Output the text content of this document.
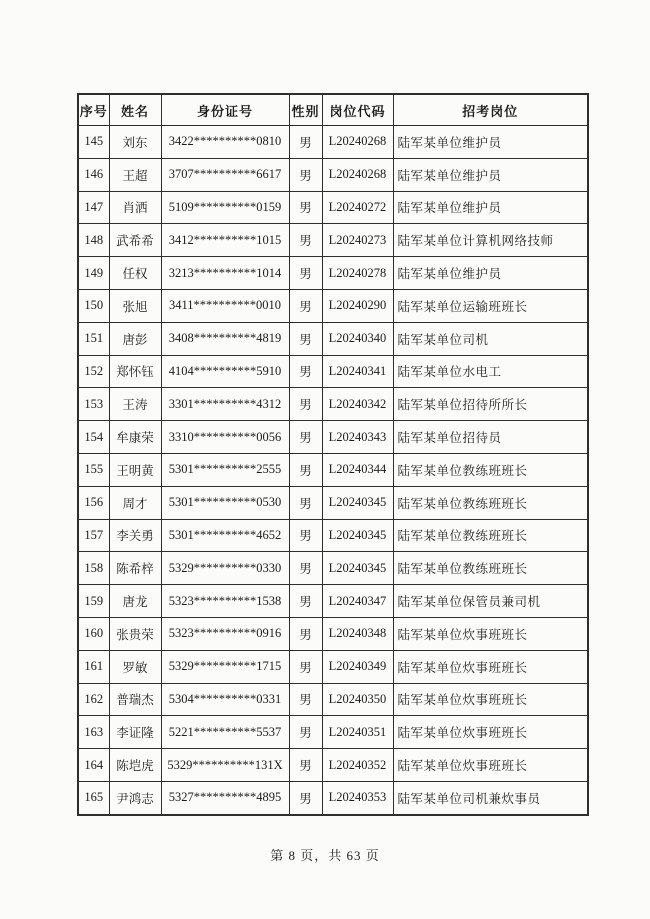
序号	姓名	身份证号	性别	岗位代码	招考岗位
145	刘东	3422**********0810	男	L20240268	陆军某单位维护员
146	王超	3707**********6617	男	L20240268	陆军某单位维护员
147	肖洒	5109**********0159	男	L20240272	陆军某单位维护员
148	武希希	3412**********1015	男	L20240273	陆军某单位计算机网络技师
149	任权	3213**********1014	男	L20240278	陆军某单位维护员
150	张旭	3411**********0010	男	L20240290	陆军某单位运输班班长
151	唐彭	3408**********4819	男	L20240340	陆军某单位司机
152	郑怀钰	4104**********5910	男	L20240341	陆军某单位水电工
153	王涛	3301**********4312	男	L20240342	陆军某单位招待所所长
154	牟康荣	3310**********0056	男	L20240343	陆军某单位招待员
155	王明黄	5301**********2555	男	L20240344	陆军某单位教练班班长
156	周才	5301**********0530	男	L20240345	陆军某单位教练班班长
157	李关勇	5301**********4652	男	L20240345	陆军某单位教练班班长
158	陈希梓	5329**********0330	男	L20240345	陆军某单位教练班班长
159	唐龙	5323**********1538	男	L20240347	陆军某单位保管员兼司机
160	张贵荣	5323**********0916	男	L20240348	陆军某单位炊事班班长
161	罗敏	5329**********1715	男	L20240349	陆军某单位炊事班班长
162	普瑞杰	5304**********0331	男	L20240350	陆军某单位炊事班班长
163	李证隆	5221**********5537	男	L20240351	陆军某单位炊事班班长
164	陈垲虎	5329**********131X	男	L20240352	陆军某单位炊事班班长
165	尹鸿志	5327**********4895	男	L20240353	陆军某单位司机兼炊事员
第 8 页，共 63 页
